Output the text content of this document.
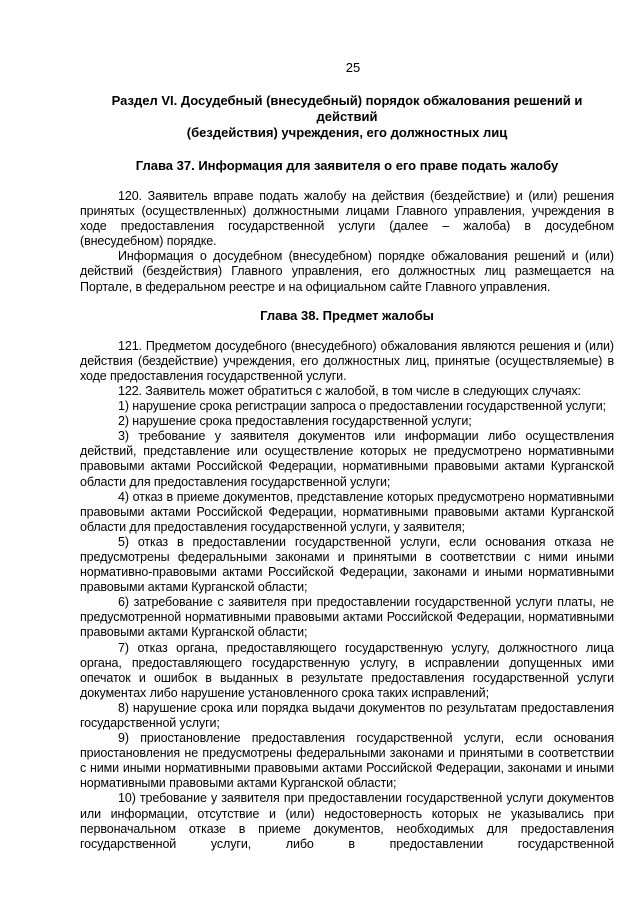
25
Раздел VI. Досудебный (внесудебный) порядок обжалования решений и действий
(бездействия) учреждения, его должностных лиц
Глава 37. Информация для заявителя о его праве подать жалобу

120. Заявитель вправе подать жалобу на действия (бездействие) и (или) решения принятых (осуществленных) должностными лицами Главного управления, учреждения в ходе предоставления государственной услуги (далее – жалоба) в досудебном (внесудебном) порядке.

Информация о досудебном (внесудебном) порядке обжалования решений и (или) действий (бездействия) Главного управления, его должностных лиц размещается на Портале, в федеральном реестре и на официальном сайте Главного управления.

Глава 38. Предмет жалобы

121. Предметом досудебного (внесудебного) обжалования являются решения и (или) действия (бездействие) учреждения, его должностных лиц, принятые (осуществляемые) в ходе предоставления государственной услуги.

122. Заявитель может обратиться с жалобой, в том числе в следующих случаях:

1) нарушение срока регистрации запроса о предоставлении государственной услуги;

2) нарушение срока предоставления государственной услуги;

3) требование у заявителя документов или информации либо осуществления действий, представление или осуществление которых не предусмотрено нормативными правовыми актами Российской Федерации, нормативными правовыми актами Курганской области для предоставления государственной услуги;

4) отказ в приеме документов, представление которых предусмотрено нормативными правовыми актами Российской Федерации, нормативными правовыми актами Курганской области для предоставления государственной услуги, у заявителя;

5) отказ в предоставлении государственной услуги, если основания отказа не предусмотрены федеральными законами и принятыми в соответствии с ними иными нормативно-правовыми актами Российской Федерации, законами и иными нормативными правовыми актами Курганской области;

6) затребование с заявителя при предоставлении государственной услуги платы, не предусмотренной нормативными правовыми актами Российской Федерации, нормативными правовыми актами Курганской области;

7) отказ органа, предоставляющего государственную услугу, должностного лица органа, предоставляющего государственную услугу, в исправлении допущенных ими опечаток и ошибок в выданных в результате предоставления государственной услуги документах либо нарушение установленного срока таких исправлений;

8) нарушение срока или порядка выдачи документов по результатам предоставления государственной услуги;

9) приостановление предоставления государственной услуги, если основания приостановления не предусмотрены федеральными законами и принятыми в соответствии с ними иными нормативными правовыми актами Российской Федерации, законами и иными нормативными правовыми актами Курганской области;

10) требование у заявителя при предоставлении государственной услуги документов или информации, отсутствие и (или) недостоверность которых не указывались при первоначальном отказе в приеме документов, необходимых для предоставления государственной услуги, либо в предоставлении государственной
